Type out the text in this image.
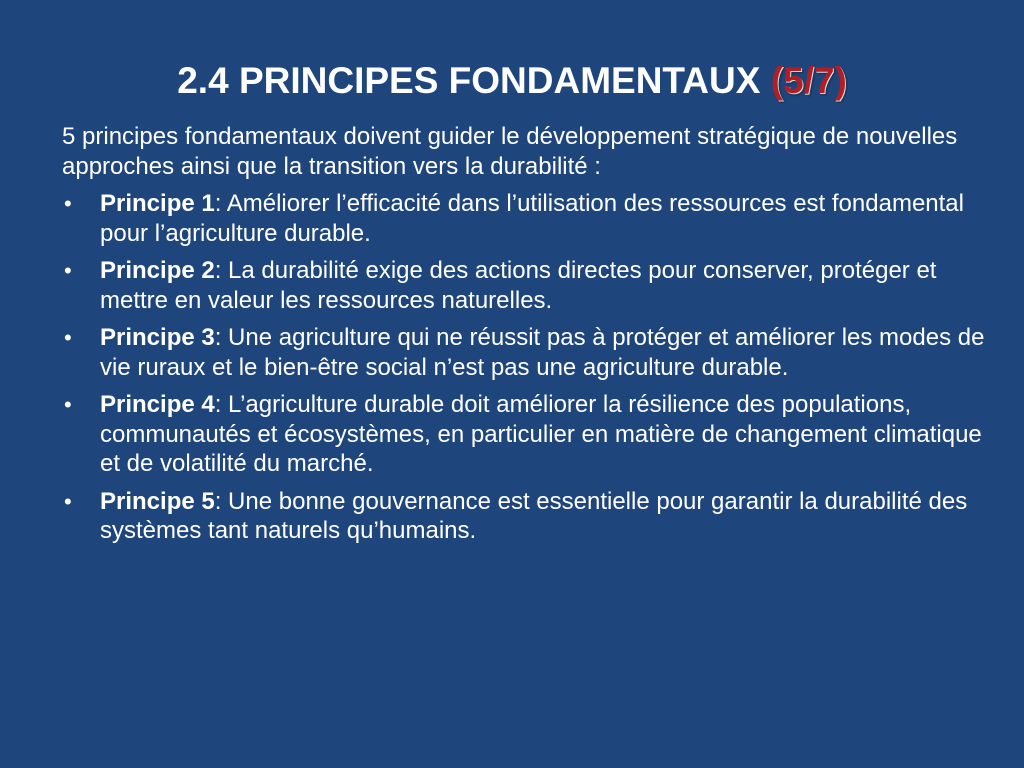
2.4 PRINCIPES FONDAMENTAUX (5/7)

5 principes fondamentaux doivent guider le développement stratégique de nouvelles approches ainsi que la transition vers la durabilité :

• Principe 1: Améliorer l’efficacité dans l’utilisation des ressources est fondamental pour l’agriculture durable.
• Principe 2: La durabilité exige des actions directes pour conserver, protéger et mettre en valeur les ressources naturelles.
• Principe 3: Une agriculture qui ne réussit pas à protéger et améliorer les modes de vie ruraux et le bien-être social n’est pas une agriculture durable.
• Principe 4: L’agriculture durable doit améliorer la résilience des populations, communautés et écosystèmes, en particulier en matière de changement climatique et de volatilité du marché.
• Principe 5: Une bonne gouvernance est essentielle pour garantir la durabilité des systèmes tant naturels qu’humains.
